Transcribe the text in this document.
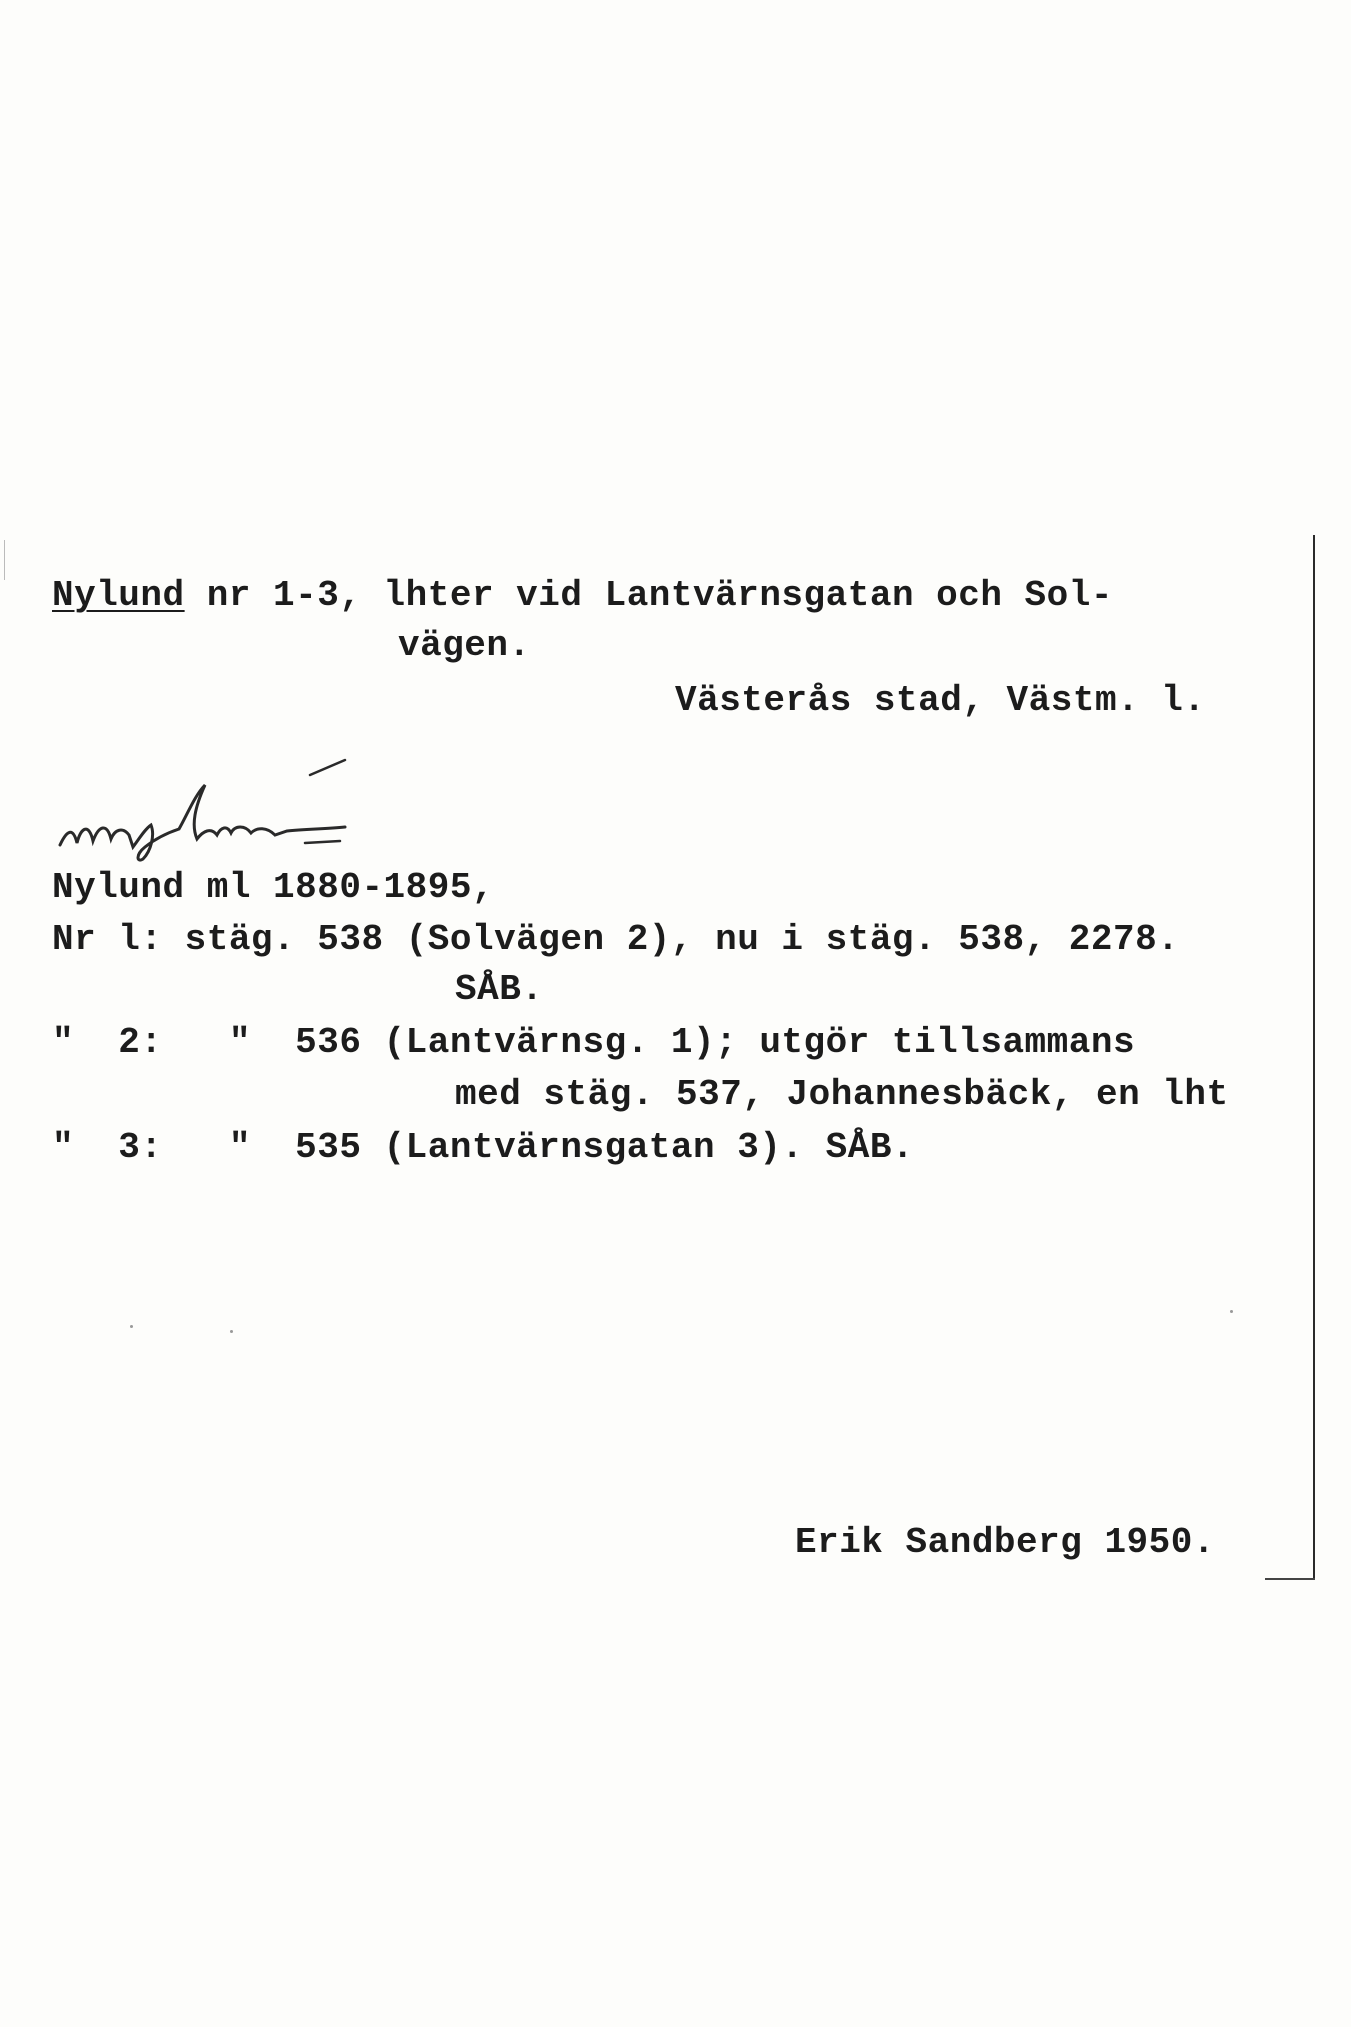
Nylund nr 1-3, lhter vid Lantvärnsgatan och Sol-
vägen.
Västerås stad, Västm. l.
Nylund ml 1880-1895,
Nr l: stäg. 538 (Solvägen 2), nu i stäg. 538, 2278.
SÅB.
"  2:   "  536 (Lantvärnsg. 1); utgör tillsammans
med stäg. 537, Johannesbäck, en lht
"  3:   "  535 (Lantvärnsgatan 3). SÅB.
Erik Sandberg 1950.
